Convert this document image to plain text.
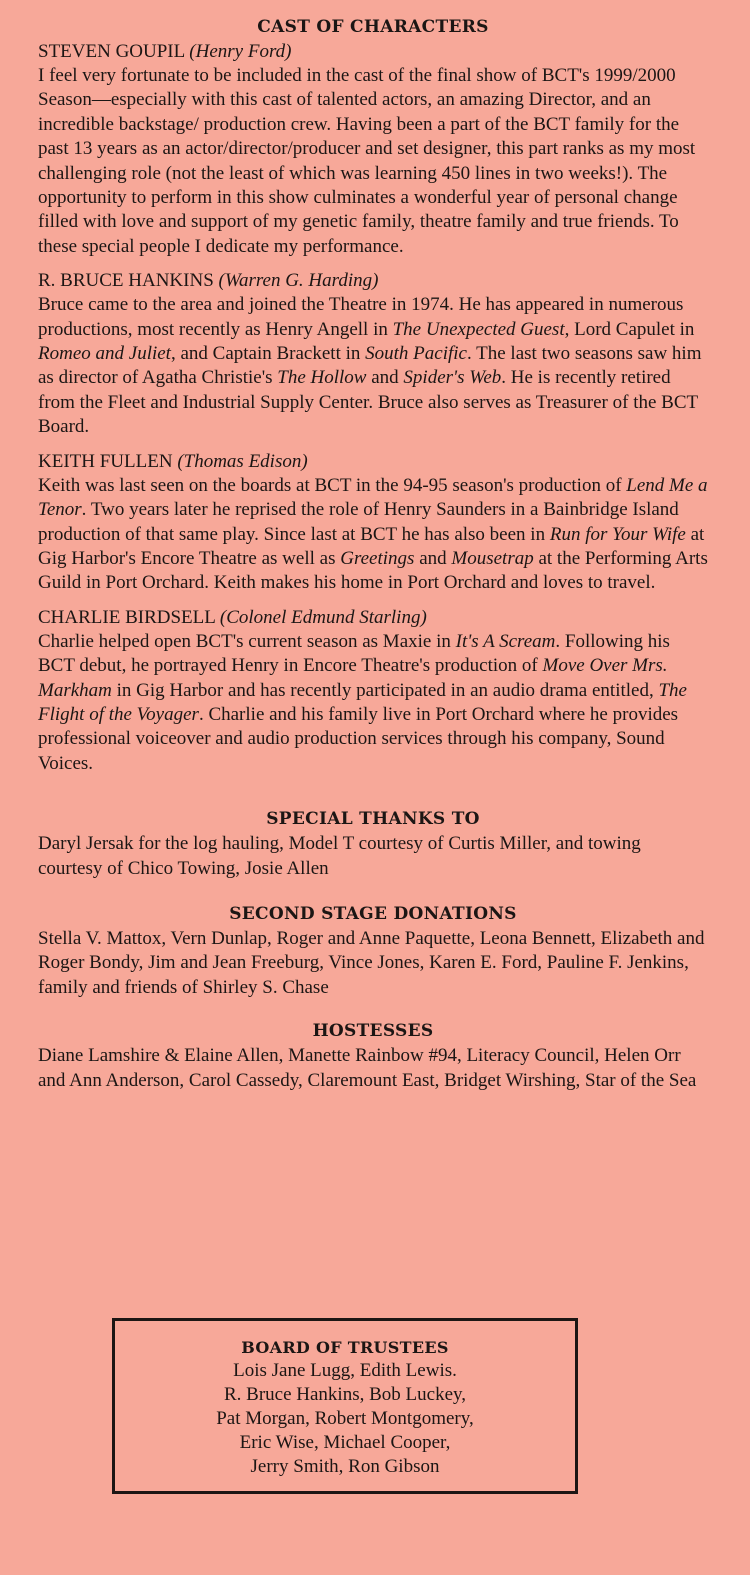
CAST OF CHARACTERS
STEVEN GOUPIL (Henry Ford)

I feel very fortunate to be included in the cast of the final show of BCT's 1999/2000 Season—especially with this cast of talented actors, an amazing Director, and an incredible backstage/ production crew. Having been a part of the BCT family for the past 13 years as an actor/director/producer and set designer, this part ranks as my most challenging role (not the least of which was learning 450 lines in two weeks!). The opportunity to perform in this show culminates a wonderful year of personal change filled with love and support of my genetic family, theatre family and true friends. To these special people I dedicate my performance.

R. BRUCE HANKINS (Warren G. Harding)

Bruce came to the area and joined the Theatre in 1974. He has appeared in numerous productions, most recently as Henry Angell in The Unexpected Guest, Lord Capulet in Romeo and Juliet, and Captain Brackett in South Pacific. The last two seasons saw him as director of Agatha Christie's The Hollow and Spider's Web. He is recently retired from the Fleet and Industrial Supply Center. Bruce also serves as Treasurer of the BCT Board.

KEITH FULLEN (Thomas Edison)

Keith was last seen on the boards at BCT in the 94-95 season's production of Lend Me a Tenor. Two years later he reprised the role of Henry Saunders in a Bainbridge Island production of that same play. Since last at BCT he has also been in Run for Your Wife at Gig Harbor's Encore Theatre as well as Greetings and Mousetrap at the Performing Arts Guild in Port Orchard. Keith makes his home in Port Orchard and loves to travel.

CHARLIE BIRDSELL (Colonel Edmund Starling)

Charlie helped open BCT's current season as Maxie in It's A Scream. Following his BCT debut, he portrayed Henry in Encore Theatre's production of Move Over Mrs. Markham in Gig Harbor and has recently participated in an audio drama entitled, The Flight of the Voyager. Charlie and his family live in Port Orchard where he provides professional voiceover and audio production services through his company, Sound Voices.

SPECIAL THANKS TO

Daryl Jersak for the log hauling, Model T courtesy of Curtis Miller, and towing courtesy of Chico Towing, Josie Allen

SECOND STAGE DONATIONS

Stella V. Mattox, Vern Dunlap, Roger and Anne Paquette, Leona Bennett, Elizabeth and Roger Bondy, Jim and Jean Freeburg, Vince Jones, Karen E. Ford, Pauline F. Jenkins, family and friends of Shirley S. Chase

HOSTESSES

Diane Lamshire & Elaine Allen, Manette Rainbow #94, Literacy Council, Helen Orr and Ann Anderson, Carol Cassedy, Claremount East, Bridget Wirshing, Star of the Sea

BOARD OF TRUSTEES
Lois Jane Lugg, Edith Lewis.
R. Bruce Hankins, Bob Luckey,
Pat Morgan, Robert Montgomery,
Eric Wise, Michael Cooper,
Jerry Smith, Ron Gibson
